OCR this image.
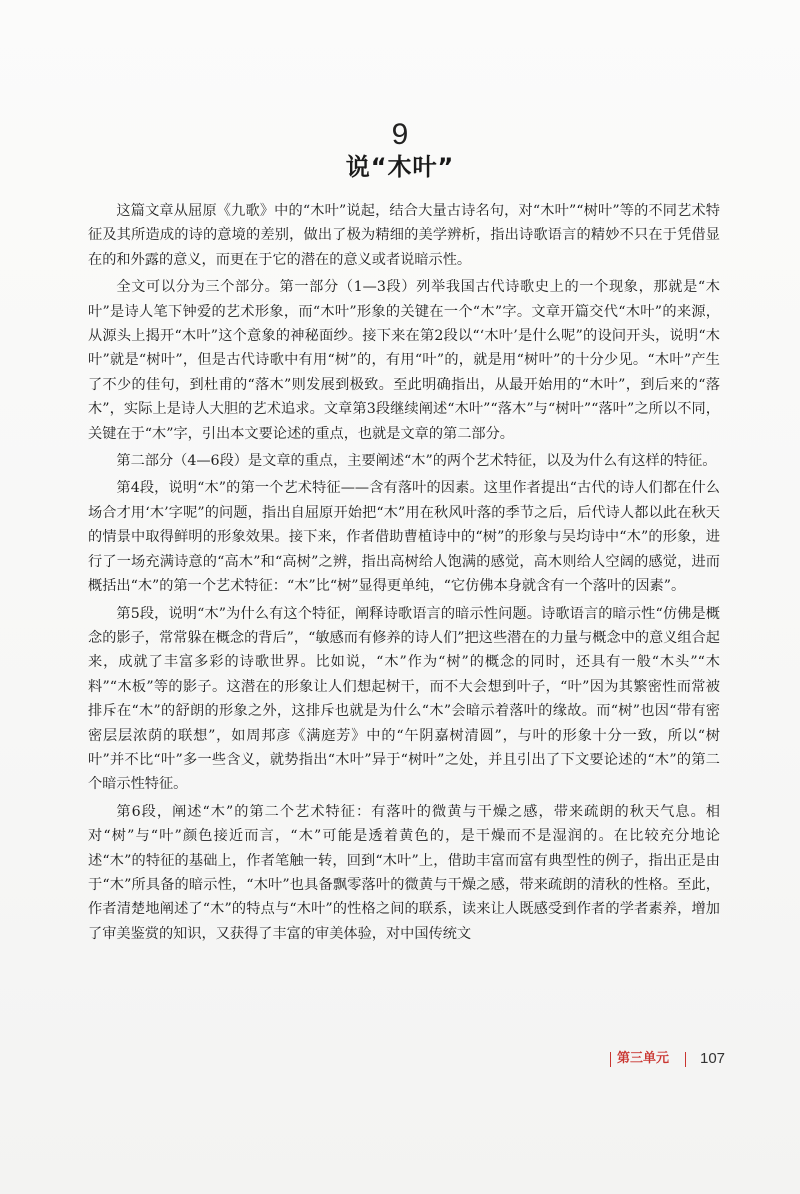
9
说“木叶”

这篇文章从屈原《九歌》中的“木叶”说起，结合大量古诗名句，对“木叶”“树叶”等的不同艺术特征及其所造成的诗的意境的差别，做出了极为精细的美学辨析，指出诗歌语言的精妙不只在于凭借显在的和外露的意义，而更在于它的潜在的意义或者说暗示性。

全文可以分为三个部分。第一部分（1—3段）列举我国古代诗歌史上的一个现象，那就是“木叶”是诗人笔下钟爱的艺术形象，而“木叶”形象的关键在一个“木”字。文章开篇交代“木叶”的来源，从源头上揭开“木叶”这个意象的神秘面纱。接下来在第2段以“‘木叶’是什么呢”的设问开头，说明“木叶”就是“树叶”，但是古代诗歌中有用“树”的，有用“叶”的，就是用“树叶”的十分少见。“木叶”产生了不少的佳句，到杜甫的“落木”则发展到极致。至此明确指出，从最开始用的“木叶”，到后来的“落木”，实际上是诗人大胆的艺术追求。文章第3段继续阐述“木叶”“落木”与“树叶”“落叶”之所以不同，关键在于“木”字，引出本文要论述的重点，也就是文章的第二部分。

第二部分（4—6段）是文章的重点，主要阐述“木”的两个艺术特征，以及为什么有这样的特征。

第4段，说明“木”的第一个艺术特征——含有落叶的因素。这里作者提出“古代的诗人们都在什么场合才用‘木’字呢”的问题，指出自屈原开始把“木”用在秋风叶落的季节之后，后代诗人都以此在秋天的情景中取得鲜明的形象效果。接下来，作者借助曹植诗中的“树”的形象与吴均诗中“木”的形象，进行了一场充满诗意的“高木”和“高树”之辨，指出高树给人饱满的感觉，高木则给人空阔的感觉，进而概括出“木”的第一个艺术特征：“木”比“树”显得更单纯，“它仿佛本身就含有一个落叶的因素”。

第5段，说明“木”为什么有这个特征，阐释诗歌语言的暗示性问题。诗歌语言的暗示性“仿佛是概念的影子，常常躲在概念的背后”，“敏感而有修养的诗人们”把这些潜在的力量与概念中的意义组合起来，成就了丰富多彩的诗歌世界。比如说，“木”作为“树”的概念的同时，还具有一般“木头”“木料”“木板”等的影子。这潜在的形象让人们想起树干，而不大会想到叶子，“叶”因为其繁密性而常被排斥在“木”的舒朗的形象之外，这排斥也就是为什么“木”会暗示着落叶的缘故。而“树”也因“带有密密层层浓荫的联想”，如周邦彦《满庭芳》中的“午阴嘉树清圆”，与叶的形象十分一致，所以“树叶”并不比“叶”多一些含义，就势指出“木叶”异于“树叶”之处，并且引出了下文要论述的“木”的第二个暗示性特征。

第6段，阐述“木”的第二个艺术特征：有落叶的微黄与干燥之感，带来疏朗的秋天气息。相对“树”与“叶”颜色接近而言，“木”可能是透着黄色的，是干燥而不是湿润的。在比较充分地论述“木”的特征的基础上，作者笔触一转，回到“木叶”上，借助丰富而富有典型性的例子，指出正是由于“木”所具备的暗示性，“木叶”也具备飘零落叶的微黄与干燥之感，带来疏朗的清秋的性格。至此，作者清楚地阐述了“木”的特点与“木叶”的性格之间的联系，读来让人既感受到作者的学者素养，增加了审美鉴赏的知识，又获得了丰富的审美体验，对中国传统文

第三单元 107
